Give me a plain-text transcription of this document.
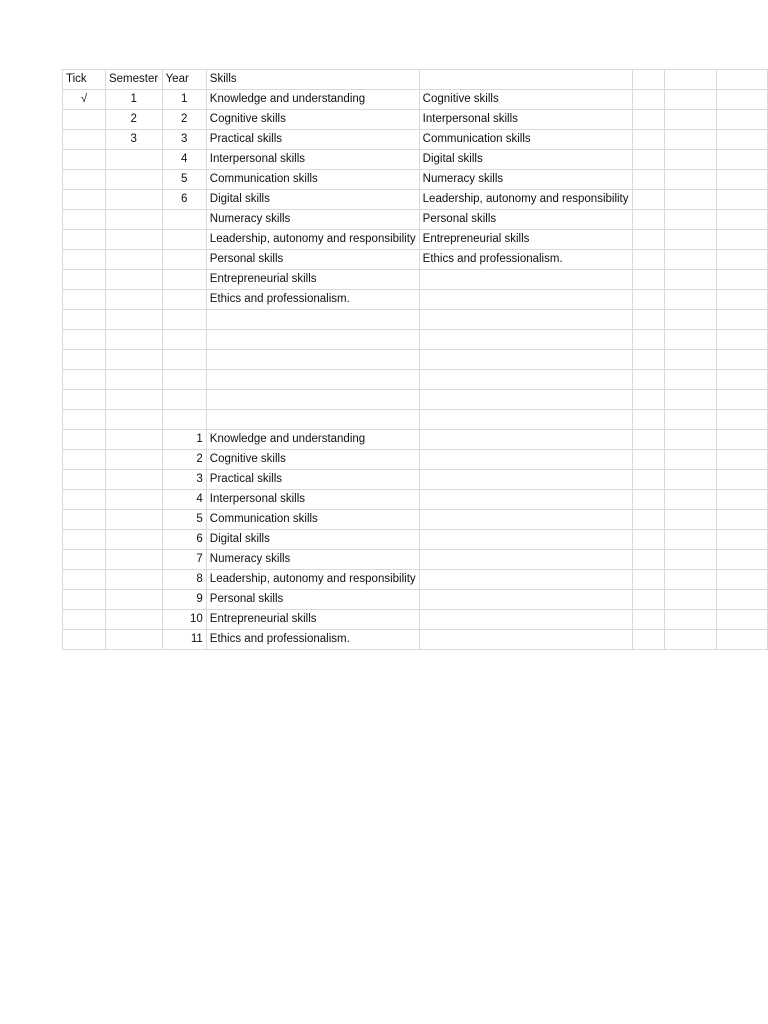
Tick	Semester	Year	Skills				
√	1	1	Knowledge and understanding	Cognitive skills			
	2	2	Cognitive skills	Interpersonal skills			
	3	3	Practical skills	Communication skills			
		4	Interpersonal skills	Digital skills			
		5	Communication skills	Numeracy skills			
		6	Digital skills	Leadership, autonomy and responsibility			
			Numeracy skills	Personal skills			
			Leadership, autonomy and responsibility	Entrepreneurial skills			
			Personal skills	Ethics and professionalism.			
			Entrepreneurial skills				
			Ethics and professionalism.				

		1	Knowledge and understanding				
		2	Cognitive skills				
		3	Practical skills				
		4	Interpersonal skills				
		5	Communication skills				
		6	Digital skills				
		7	Numeracy skills				
		8	Leadership, autonomy and responsibility				
		9	Personal skills				
		10	Entrepreneurial skills				
		11	Ethics and professionalism.				
